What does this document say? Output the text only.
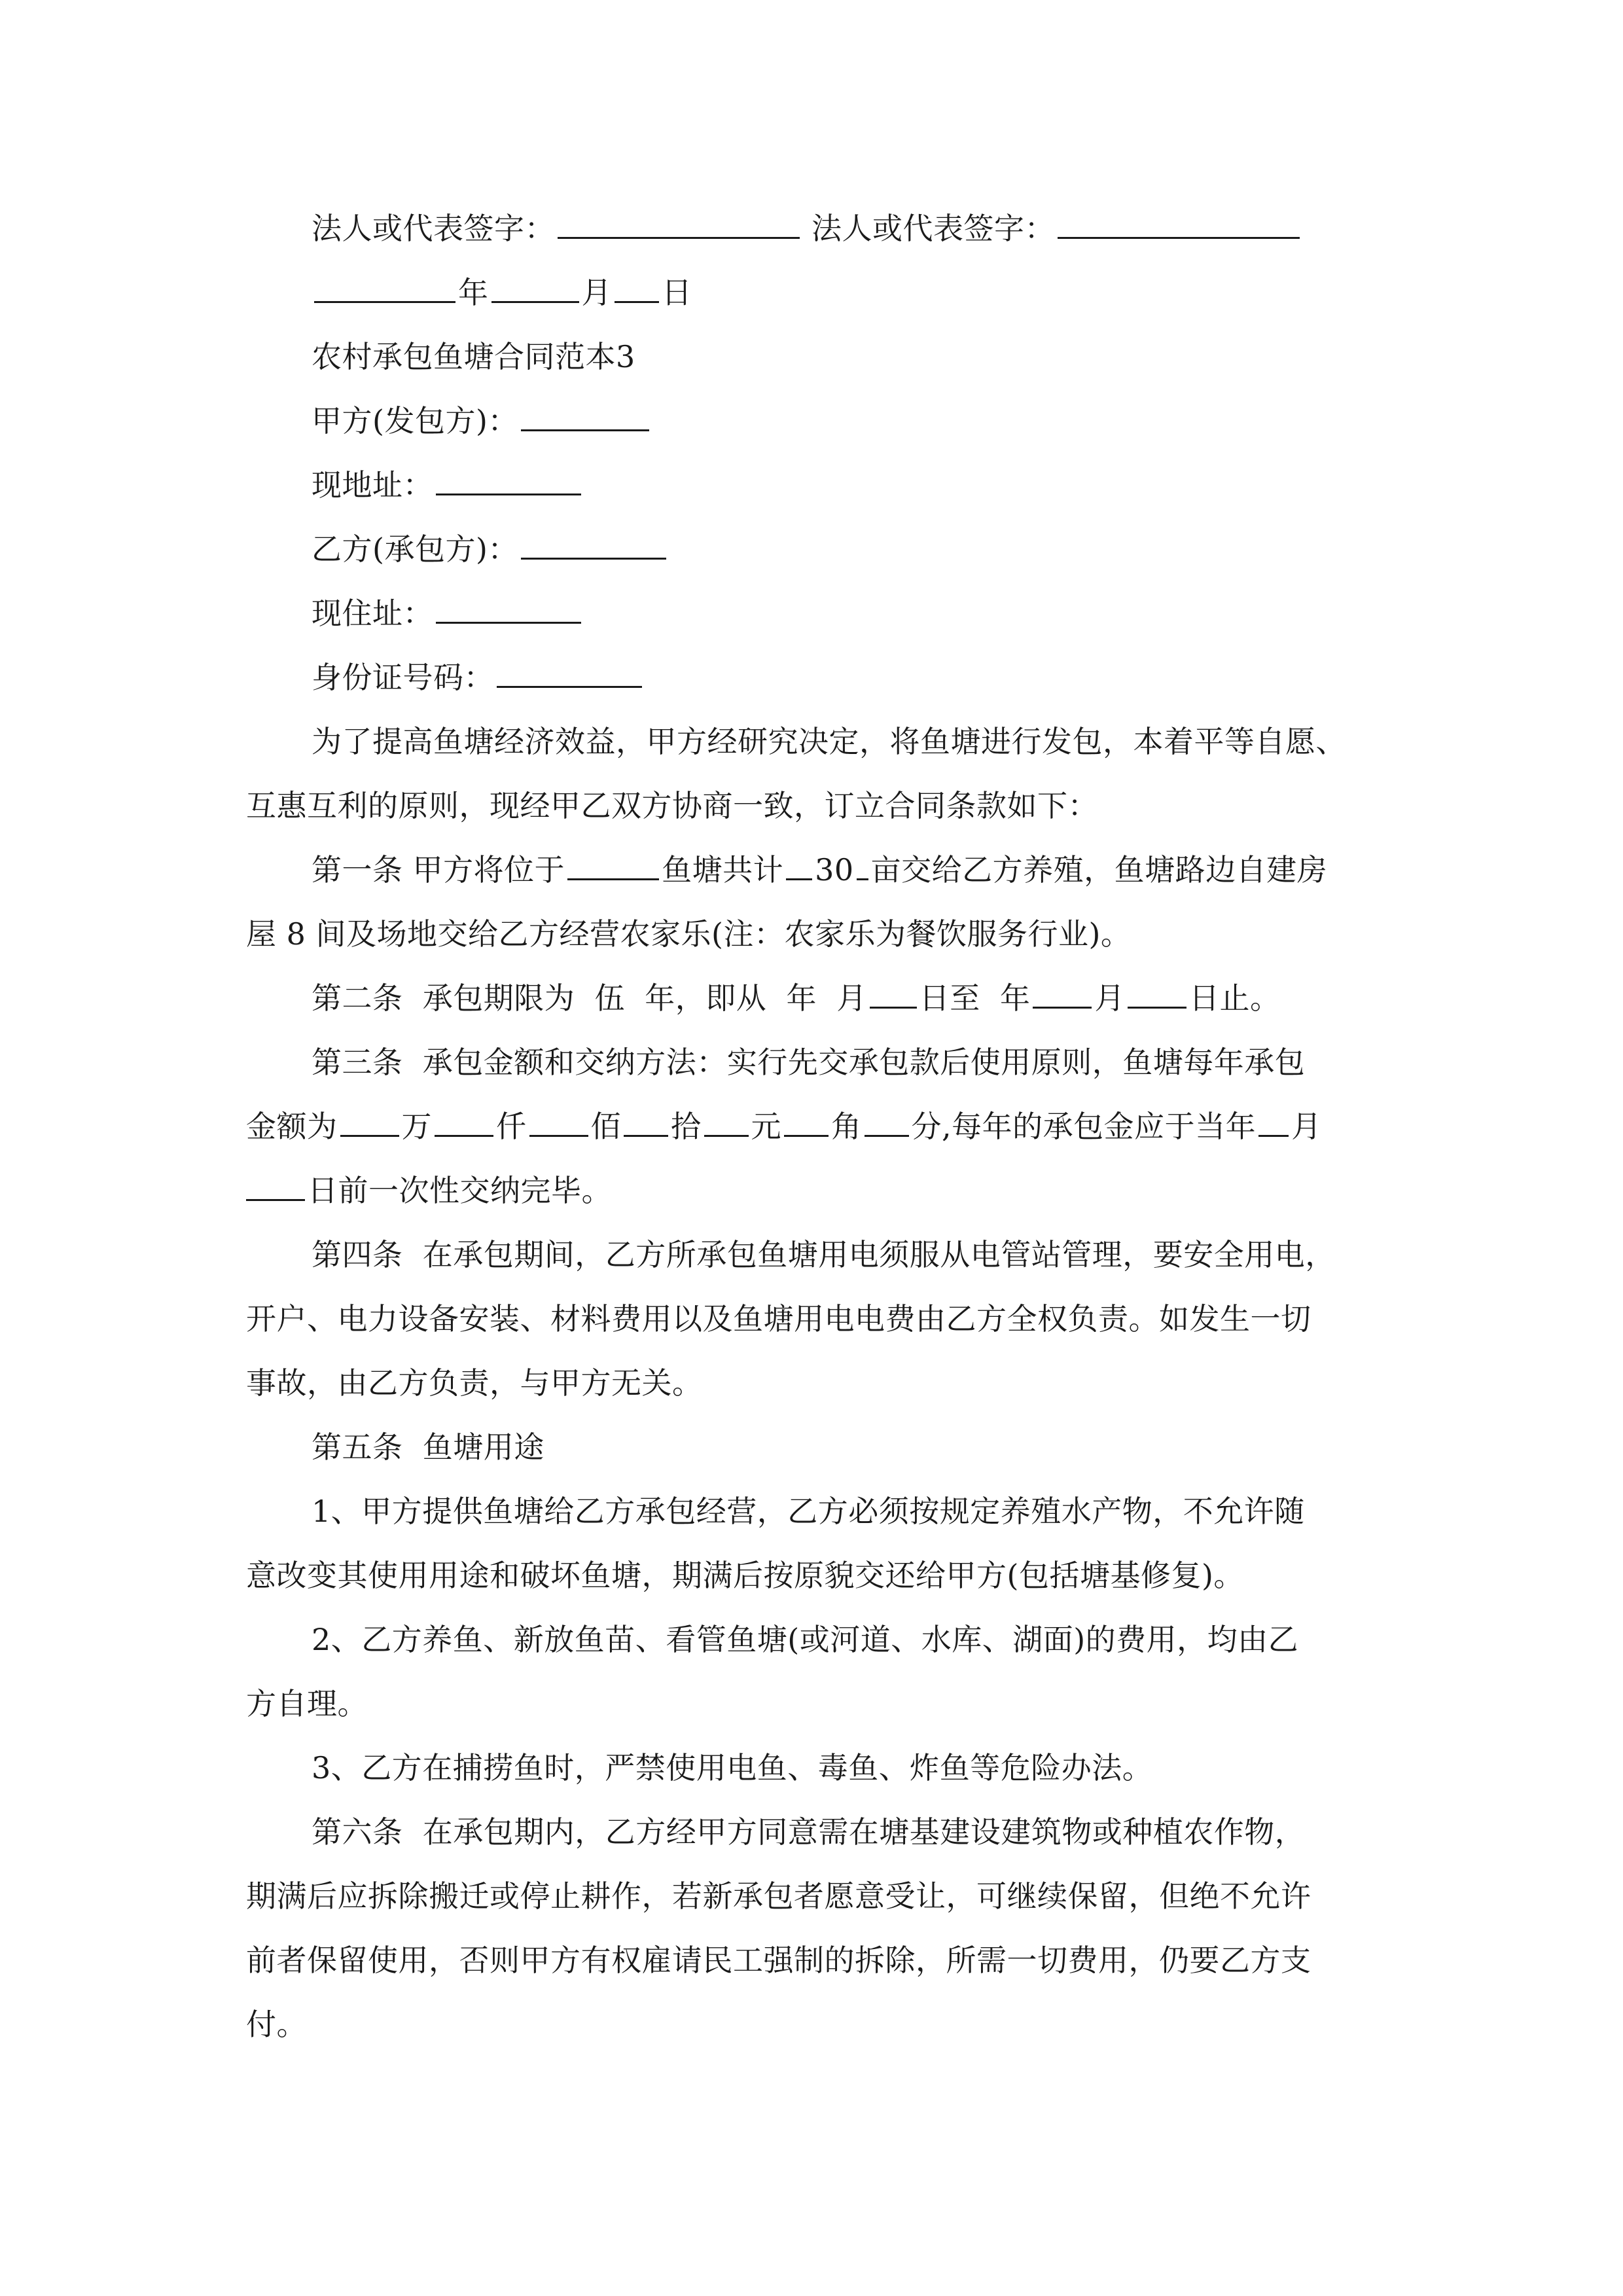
法人或代表签字：	法人或代表签字：
年	月 日
农村承包鱼塘合同范本3
甲方(发包方)：
现地址：
乙方(承包方)：
现住址：
身份证号码：
为了提高鱼塘经济效益，甲方经研究决定，将鱼塘进行发包，本着平等自愿、
互惠互利的原则，现经甲乙双方协商一致，订立合同条款如下：
第一条 甲方将位于	鱼塘共计 30 亩交给乙方养殖，鱼塘路边自建房
屋 8 间及场地交给乙方经营农家乐(注：农家乐为餐饮服务行业)。
第二条  承包期限为  伍  年，即从  年  月 日至  年 月 日止。
第三条  承包金额和交纳方法：实行先交承包款后使用原则，鱼塘每年承包
金额为 万 仟 佰 拾 元 角 分,每年的承包金应于当年 月
日前一次性交纳完毕。
第四条  在承包期间，乙方所承包鱼塘用电须服从电管站管理，要安全用电，
开户、电力设备安装、材料费用以及鱼塘用电电费由乙方全权负责。如发生一切
事故，由乙方负责，与甲方无关。
第五条  鱼塘用途
1、甲方提供鱼塘给乙方承包经营，乙方必须按规定养殖水产物，不允许随
意改变其使用用途和破坏鱼塘，期满后按原貌交还给甲方(包括塘基修复)。
2、乙方养鱼、新放鱼苗、看管鱼塘(或河道、水库、湖面)的费用，均由乙
方自理。
3、乙方在捕捞鱼时，严禁使用电鱼、毒鱼、炸鱼等危险办法。
第六条  在承包期内，乙方经甲方同意需在塘基建设建筑物或种植农作物，
期满后应拆除搬迁或停止耕作，若新承包者愿意受让，可继续保留，但绝不允许
前者保留使用，否则甲方有权雇请民工强制的拆除，所需一切费用，仍要乙方支
付。
